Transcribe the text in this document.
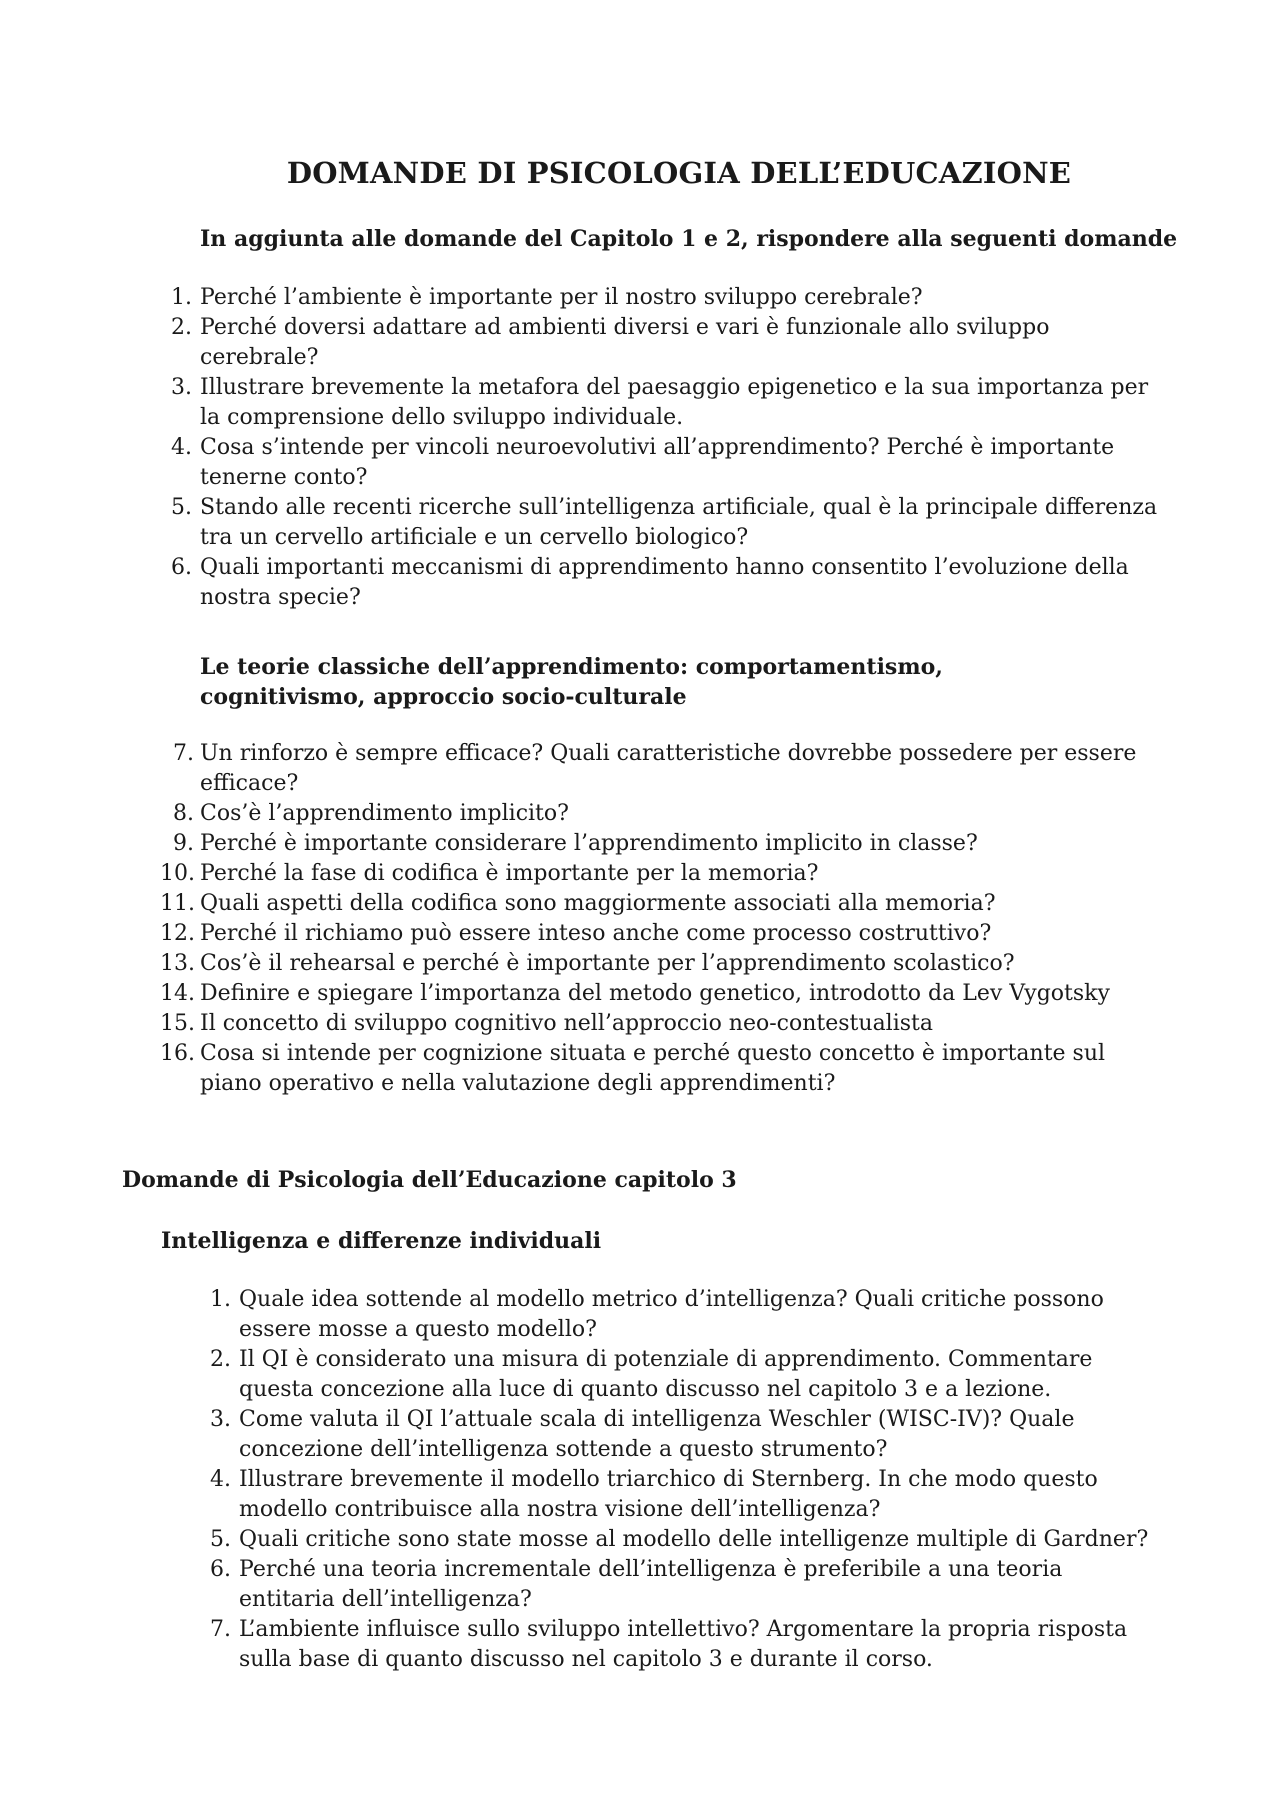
DOMANDE DI PSICOLOGIA DELL’EDUCAZIONE
In aggiunta alle domande del Capitolo 1 e 2, rispondere alla seguenti domande
1. Perché l’ambiente è importante per il nostro sviluppo cerebrale?
2. Perché doversi adattare ad ambienti diversi e vari è funzionale allo sviluppo cerebrale?
3. Illustrare brevemente la metafora del paesaggio epigenetico e la sua importanza per la comprensione dello sviluppo individuale.
4. Cosa s’intende per vincoli neuroevolutivi all’apprendimento? Perché è importante tenerne conto?
5. Stando alle recenti ricerche sull’intelligenza artificiale, qual è la principale differenza tra un cervello artificiale e un cervello biologico?
6. Quali importanti meccanismi di apprendimento hanno consentito l’evoluzione della nostra specie?
Le teorie classiche dell’apprendimento: comportamentismo, cognitivismo, approccio socio-culturale
7. Un rinforzo è sempre efficace? Quali caratteristiche dovrebbe possedere per essere efficace?
8. Cos’è l’apprendimento implicito?
9. Perché è importante considerare l’apprendimento implicito in classe?
10. Perché la fase di codifica è importante per la memoria?
11. Quali aspetti della codifica sono maggiormente associati alla memoria?
12. Perché il richiamo può essere inteso anche come processo costruttivo?
13. Cos’è il rehearsal e perché è importante per l’apprendimento scolastico?
14. Definire e spiegare l’importanza del metodo genetico, introdotto da Lev Vygotsky
15. Il concetto di sviluppo cognitivo nell’approccio neo-contestualista
16. Cosa si intende per cognizione situata e perché questo concetto è importante sul piano operativo e nella valutazione degli apprendimenti?
Domande di Psicologia dell’Educazione capitolo 3
Intelligenza e differenze individuali
1. Quale idea sottende al modello metrico d’intelligenza? Quali critiche possono essere mosse a questo modello?
2. Il QI è considerato una misura di potenziale di apprendimento. Commentare questa concezione alla luce di quanto discusso nel capitolo 3 e a lezione.
3. Come valuta il QI l’attuale scala di intelligenza Weschler (WISC-IV)? Quale concezione dell’intelligenza sottende a questo strumento?
4. Illustrare brevemente il modello triarchico di Sternberg. In che modo questo modello contribuisce alla nostra visione dell’intelligenza?
5. Quali critiche sono state mosse al modello delle intelligenze multiple di Gardner?
6. Perché una teoria incrementale dell’intelligenza è preferibile a una teoria entitaria dell’intelligenza?
7. L’ambiente influisce sullo sviluppo intellettivo? Argomentare la propria risposta sulla base di quanto discusso nel capitolo 3 e durante il corso.
